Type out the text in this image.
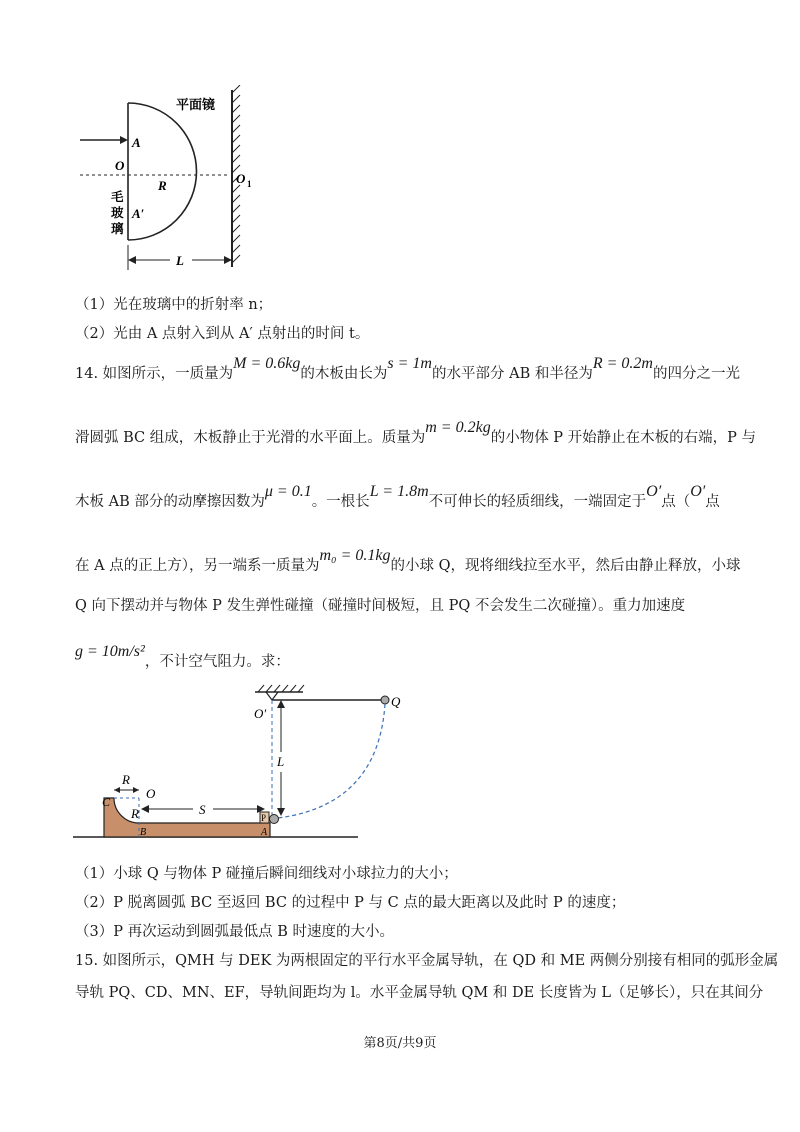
平面镜
A
O
R	O 1
A′
毛
玻
璃
L
（1）光在玻璃中的折射率 n；
（2）光由 A 点射入到从 A′ 点射出的时间 t。
14. 如图所示，一质量为M = 0.6kg的木板由长为s = 1m的水平部分 AB 和半径为R = 0.2m的四分之一光
滑圆弧 BC 组成，木板静止于光滑的水平面上。质量为m = 0.2kg的小物体 P 开始静止在木板的右端，P 与
木板 AB 部分的动摩擦因数为μ = 0.1。一根长L = 1.8m不可伸长的轻质细线，一端固定于O′点（O′点
在 A 点的正上方），另一端系一质量为m₀ = 0.1kg的小球 Q，现将细线拉至水平，然后由静止释放，小球
Q 向下摆动并与物体 P 发生弹性碰撞（碰撞时间极短，且 PQ 不会发生二次碰撞）。重力加速度
g = 10m/s²，不计空气阻力。求：
O′
Q
L
R
O
C
R	S
B
P
A
（1）小球 Q 与物体 P 碰撞后瞬间细线对小球拉力的大小；
（2）P 脱离圆弧 BC 至返回 BC 的过程中 P 与 C 点的最大距离以及此时 P 的速度；
（3）P 再次运动到圆弧最低点 B 时速度的大小。
15. 如图所示，QMH 与 DEK 为两根固定的平行水平金属导轨，在 QD 和 ME 两侧分别接有相同的弧形金属
导轨 PQ、CD、MN、EF，导轨间距均为 l。水平金属导轨 QM 和 DE 长度皆为 L（足够长），只在其间分
第8页/共9页
